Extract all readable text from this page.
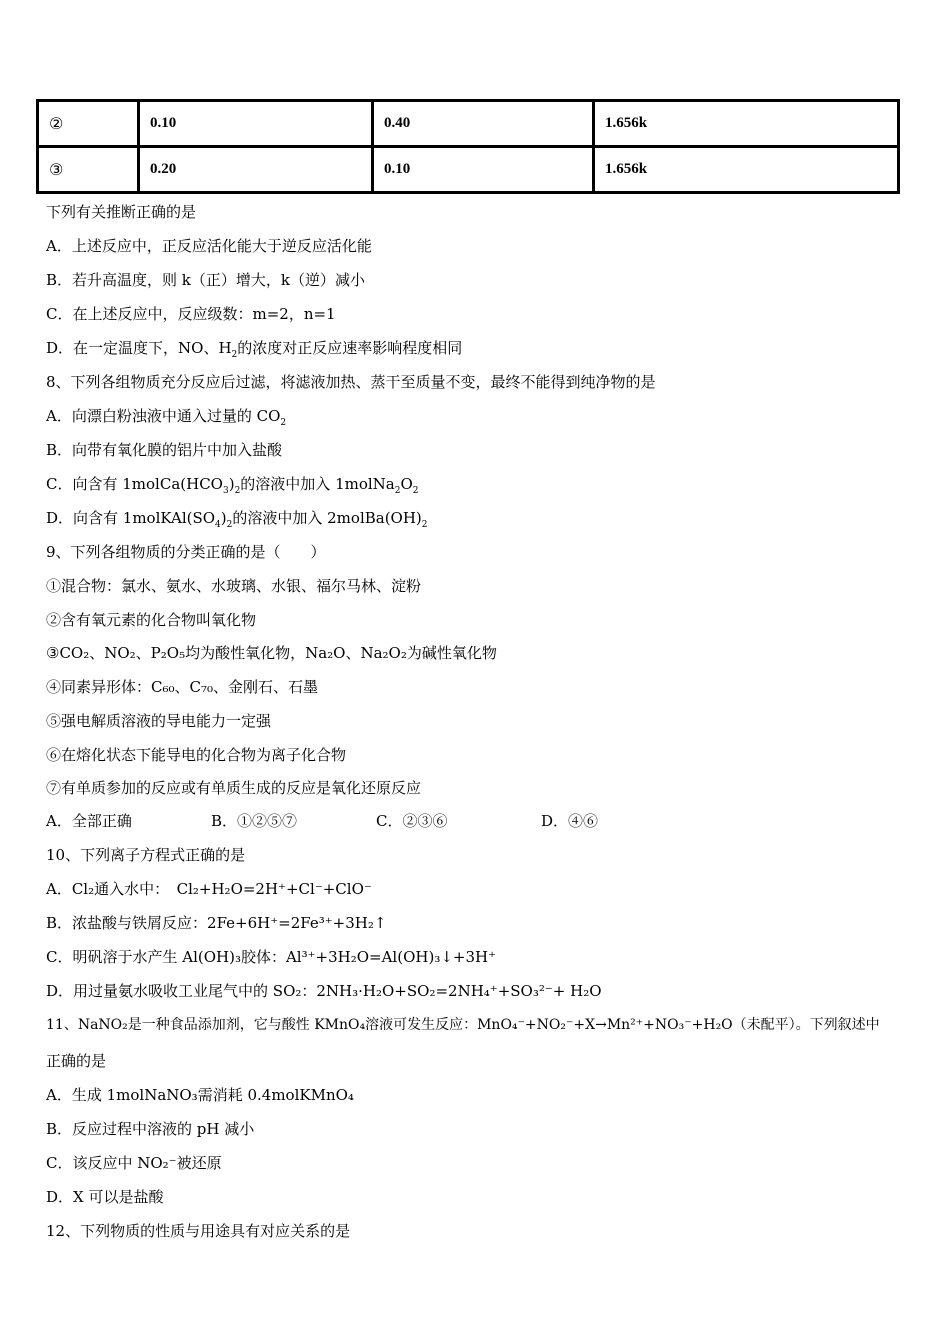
②	0.10	0.40	1.656k
③	0.20	0.10	1.656k
下列有关推断正确的是
A．上述反应中，正反应活化能大于逆反应活化能
B．若升高温度，则 k（正）增大，k（逆）减小
C．在上述反应中，反应级数：m=2，n=1
D．在一定温度下，NO、$H_2$的浓度对正反应速率影响程度相同
8、下列各组物质充分反应后过滤，将滤液加热、蒸干至质量不变，最终不能得到纯净物的是
A．向漂白粉浊液中通入过量的 $CO_2$
B．向带有氧化膜的铝片中加入盐酸
C．向含有 $1molCa(HCO_3)_2$的溶液中加入 $1molNa_2O_2$
D．向含有 $1molKAl(SO_4)_2$的溶液中加入 $2molBa(OH)_2$
9、下列各组物质的分类正确的是（　　）
①混合物：氯水、氨水、水玻璃、水银、福尔马林、淀粉
②含有氧元素的化合物叫氧化物
③CO₂、NO₂、P₂O₅均为酸性氧化物，Na₂O、Na₂O₂为碱性氧化物
④同素异形体：C₆₀、C₇₀、金刚石、石墨
⑤强电解质溶液的导电能力一定强
⑥在熔化状态下能导电的化合物为离子化合物
⑦有单质参加的反应或有单质生成的反应是氧化还原反应
A．全部正确	B．①②⑤⑦	C．②③⑥	D．④⑥
10、下列离子方程式正确的是
A．Cl₂通入水中：　Cl₂+H₂O=2H⁺+Cl⁻+ClO⁻
B．浓盐酸与铁屑反应：2Fe+6H⁺=2Fe³⁺+3H₂↑
C．明矾溶于水产生 Al(OH)₃胶体：Al³⁺+3H₂O=Al(OH)₃↓+3H⁺
D．用过量氨水吸收工业尾气中的 SO₂：2NH₃·H₂O+SO₂=2NH₄⁺+SO₃²⁻+ H₂O
11、NaNO₂是一种食品添加剂，它与酸性 KMnO₄溶液可发生反应：MnO₄⁻+NO₂⁻+X→Mn²⁺+NO₃⁻+H₂O（未配平）。下列叙述中
正确的是
A．生成 1molNaNO₃需消耗 0.4molKMnO₄
B．反应过程中溶液的 pH 减小
C．该反应中 NO₂⁻被还原
D．X 可以是盐酸
12、下列物质的性质与用途具有对应关系的是
